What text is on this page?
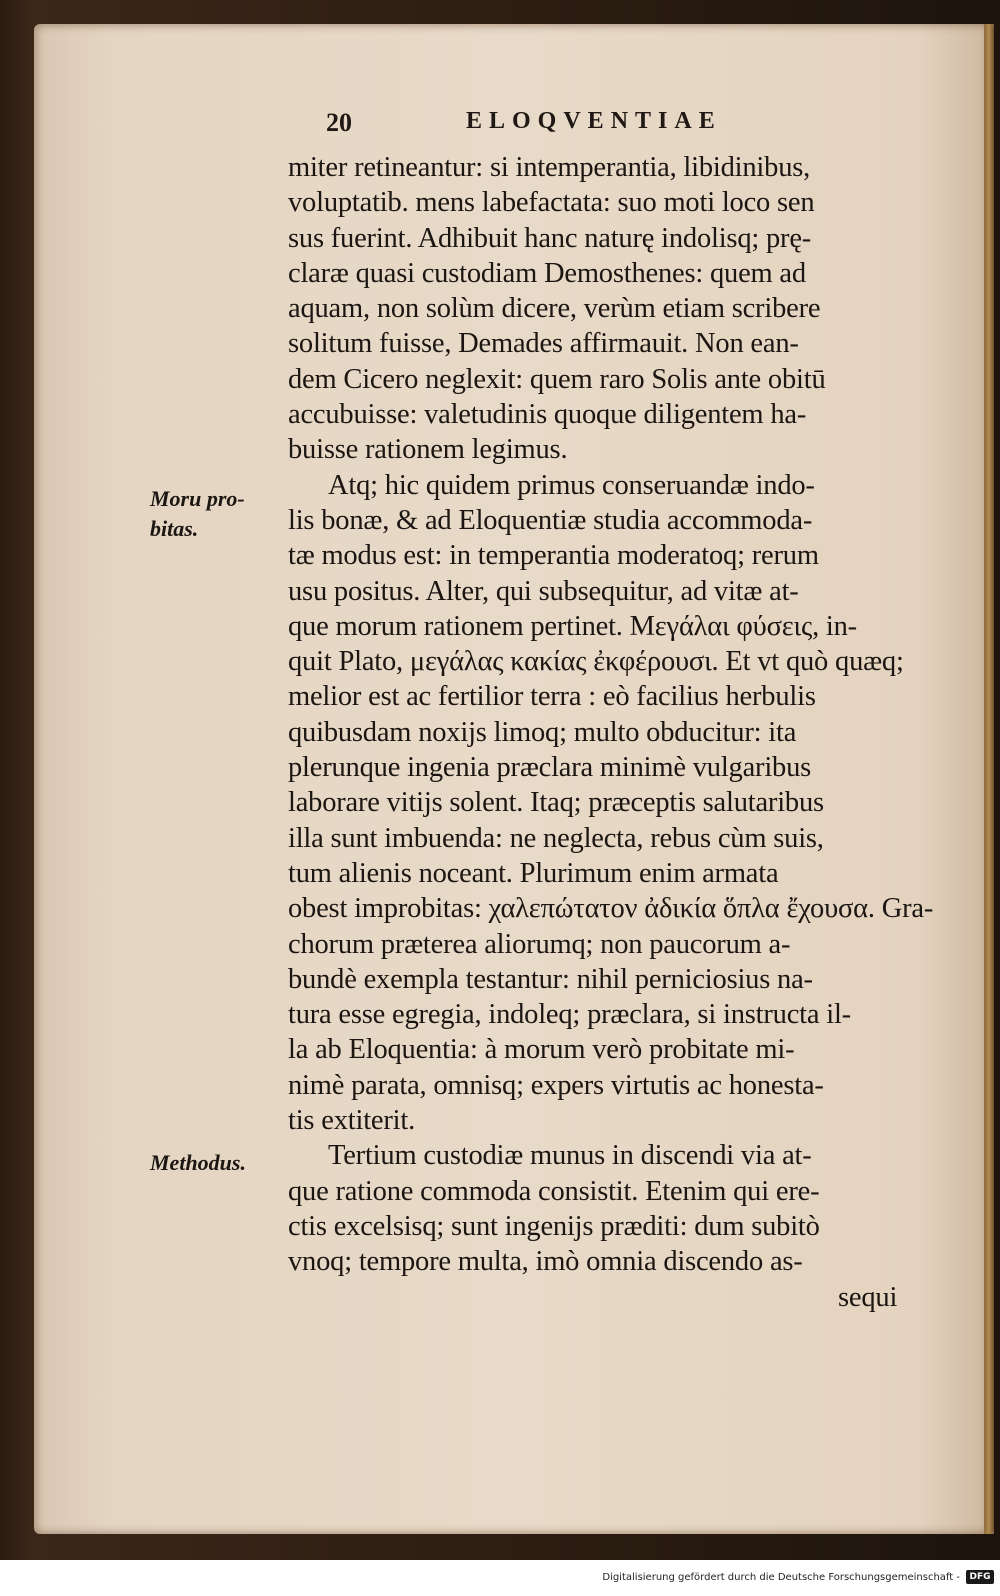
20	ELOQVENTIAE
Moru pro-
bitas.
Methodus.
miter retineantur: si intemperantia, libidinibus,
voluptatib. mens labefactata: suo moti loco sen
sus fuerint. Adhibuit hanc naturę indolisq; prę-
claræ quasi custodiam Demosthenes: quem ad
aquam, non solùm dicere, verùm etiam scribere
solitum fuisse, Demades affirmauit. Non ean-
dem Cicero neglexit: quem raro Solis ante obitū
accubuisse: valetudinis quoque diligentem ha-
buisse rationem legimus.
Atq; hic quidem primus conseruandæ indo-
lis bonæ, & ad Eloquentiæ studia accommoda-
tæ modus est: in temperantia moderatoq; rerum
usu positus. Alter, qui subsequitur, ad vitæ at-
que morum rationem pertinet. Μεγάλαι φύσεις, in-
quit Plato, μεγάλας κακίας ἐκφέρουσι. Et vt quò quæq;
melior est ac fertilior terra : eò facilius herbulis
quibusdam noxijs limoq; multo obducitur: ita
plerunque ingenia præclara minimè vulgaribus
laborare vitijs solent. Itaq; præceptis salutaribus
illa sunt imbuenda: ne neglecta, rebus cùm suis,
tum alienis noceant. Plurimum enim armata
obest improbitas: χαλεπώτατον ἀδικία ὅπλα ἔχουσα. Gra-
chorum præterea aliorumq; non paucorum a-
bundè exempla testantur: nihil perniciosius na-
tura esse egregia, indoleq; præclara, si instructa il-
la ab Eloquentia: à morum verò probitate mi-
nimè parata, omnisq; expers virtutis ac honesta-
tis extiterit.
Tertium custodiæ munus in discendi via at-
que ratione commoda consistit. Etenim qui ere-
ctis excelsisq; sunt ingenijs præditi: dum subitò
vnoq; tempore multa, imò omnia discendo as-
sequi
Digitalisierung gefördert durch die Deutsche Forschungsgemeinschaft -	DFG
